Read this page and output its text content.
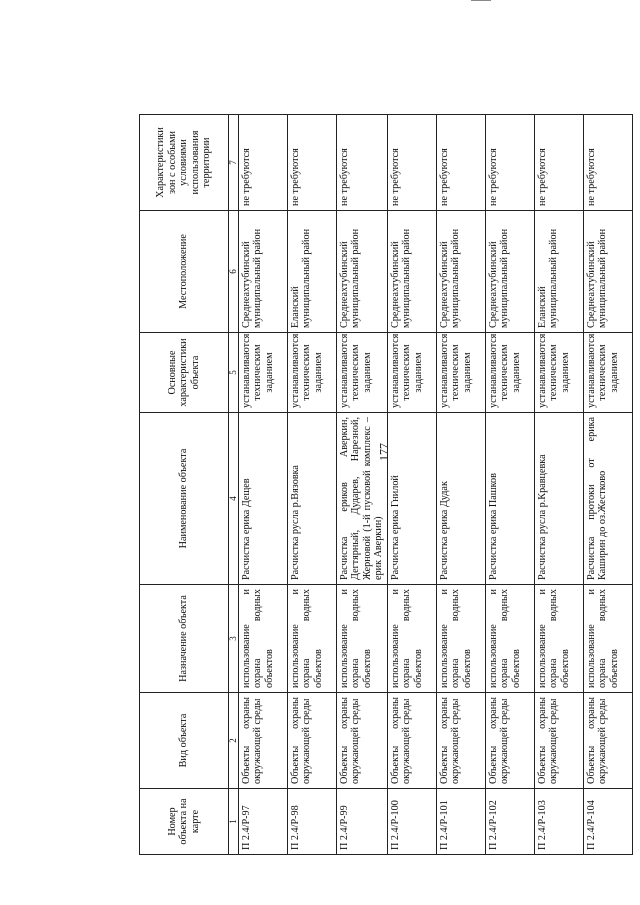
177
Номер объекта на карте	Вид объекта	Назначение объекта	Наименование объекта	Основные характеристики объекта	Местоположение	Характеристики зон с особыми условиями использования территории
1	2	3	4	5	6	7
П 2.4/Р-97	Объекты охраны окружающей среды	использование и охрана водных объектов	Расчистка ерика Дещев	устанавливаются техническим заданием	Среднеахтубинский муниципальный район	не требуются
П 2.4/Р-98	Объекты охраны окружающей среды	использование и охрана водных объектов	Расчистка русла р.Вязовка	устанавливаются техническим заданием	Еланский муниципальный район	не требуются
П 2.4/Р-99	Объекты охраны окружающей среды	использование и охрана водных объектов	Расчистка ериков Аверкин, Дегтярный, Дударев, Нарезной, Жерновой (1-й пусковой комплекс – ерик Аверкин)	устанавливаются техническим заданием	Среднеахтубинский муниципальный район	не требуются
П 2.4/Р-100	Объекты охраны окружающей среды	использование и охрана водных объектов	Расчистка ерика Гнилой	устанавливаются техническим заданием	Среднеахтубинский муниципальный район	не требуются
П 2.4/Р-101	Объекты охраны окружающей среды	использование и охрана водных объектов	Расчистка ерика Дудак	устанавливаются техническим заданием	Среднеахтубинский муниципальный район	не требуются
П 2.4/Р-102	Объекты охраны окружающей среды	использование и охрана водных объектов	Расчистка ерика Пашков	устанавливаются техническим заданием	Среднеахтубинский муниципальный район	не требуются
П 2.4/Р-103	Объекты охраны окружающей среды	использование и охрана водных объектов	Расчистка русла р.Кравцевка	устанавливаются техническим заданием	Еланский муниципальный район	не требуются
П 2.4/Р-104	Объекты охраны окружающей среды	использование и охрана водных объектов	Расчистка протоки от ерика Каширин до оз.Жестково	устанавливаются техническим заданием	Среднеахтубинский муниципальный район	не требуются
